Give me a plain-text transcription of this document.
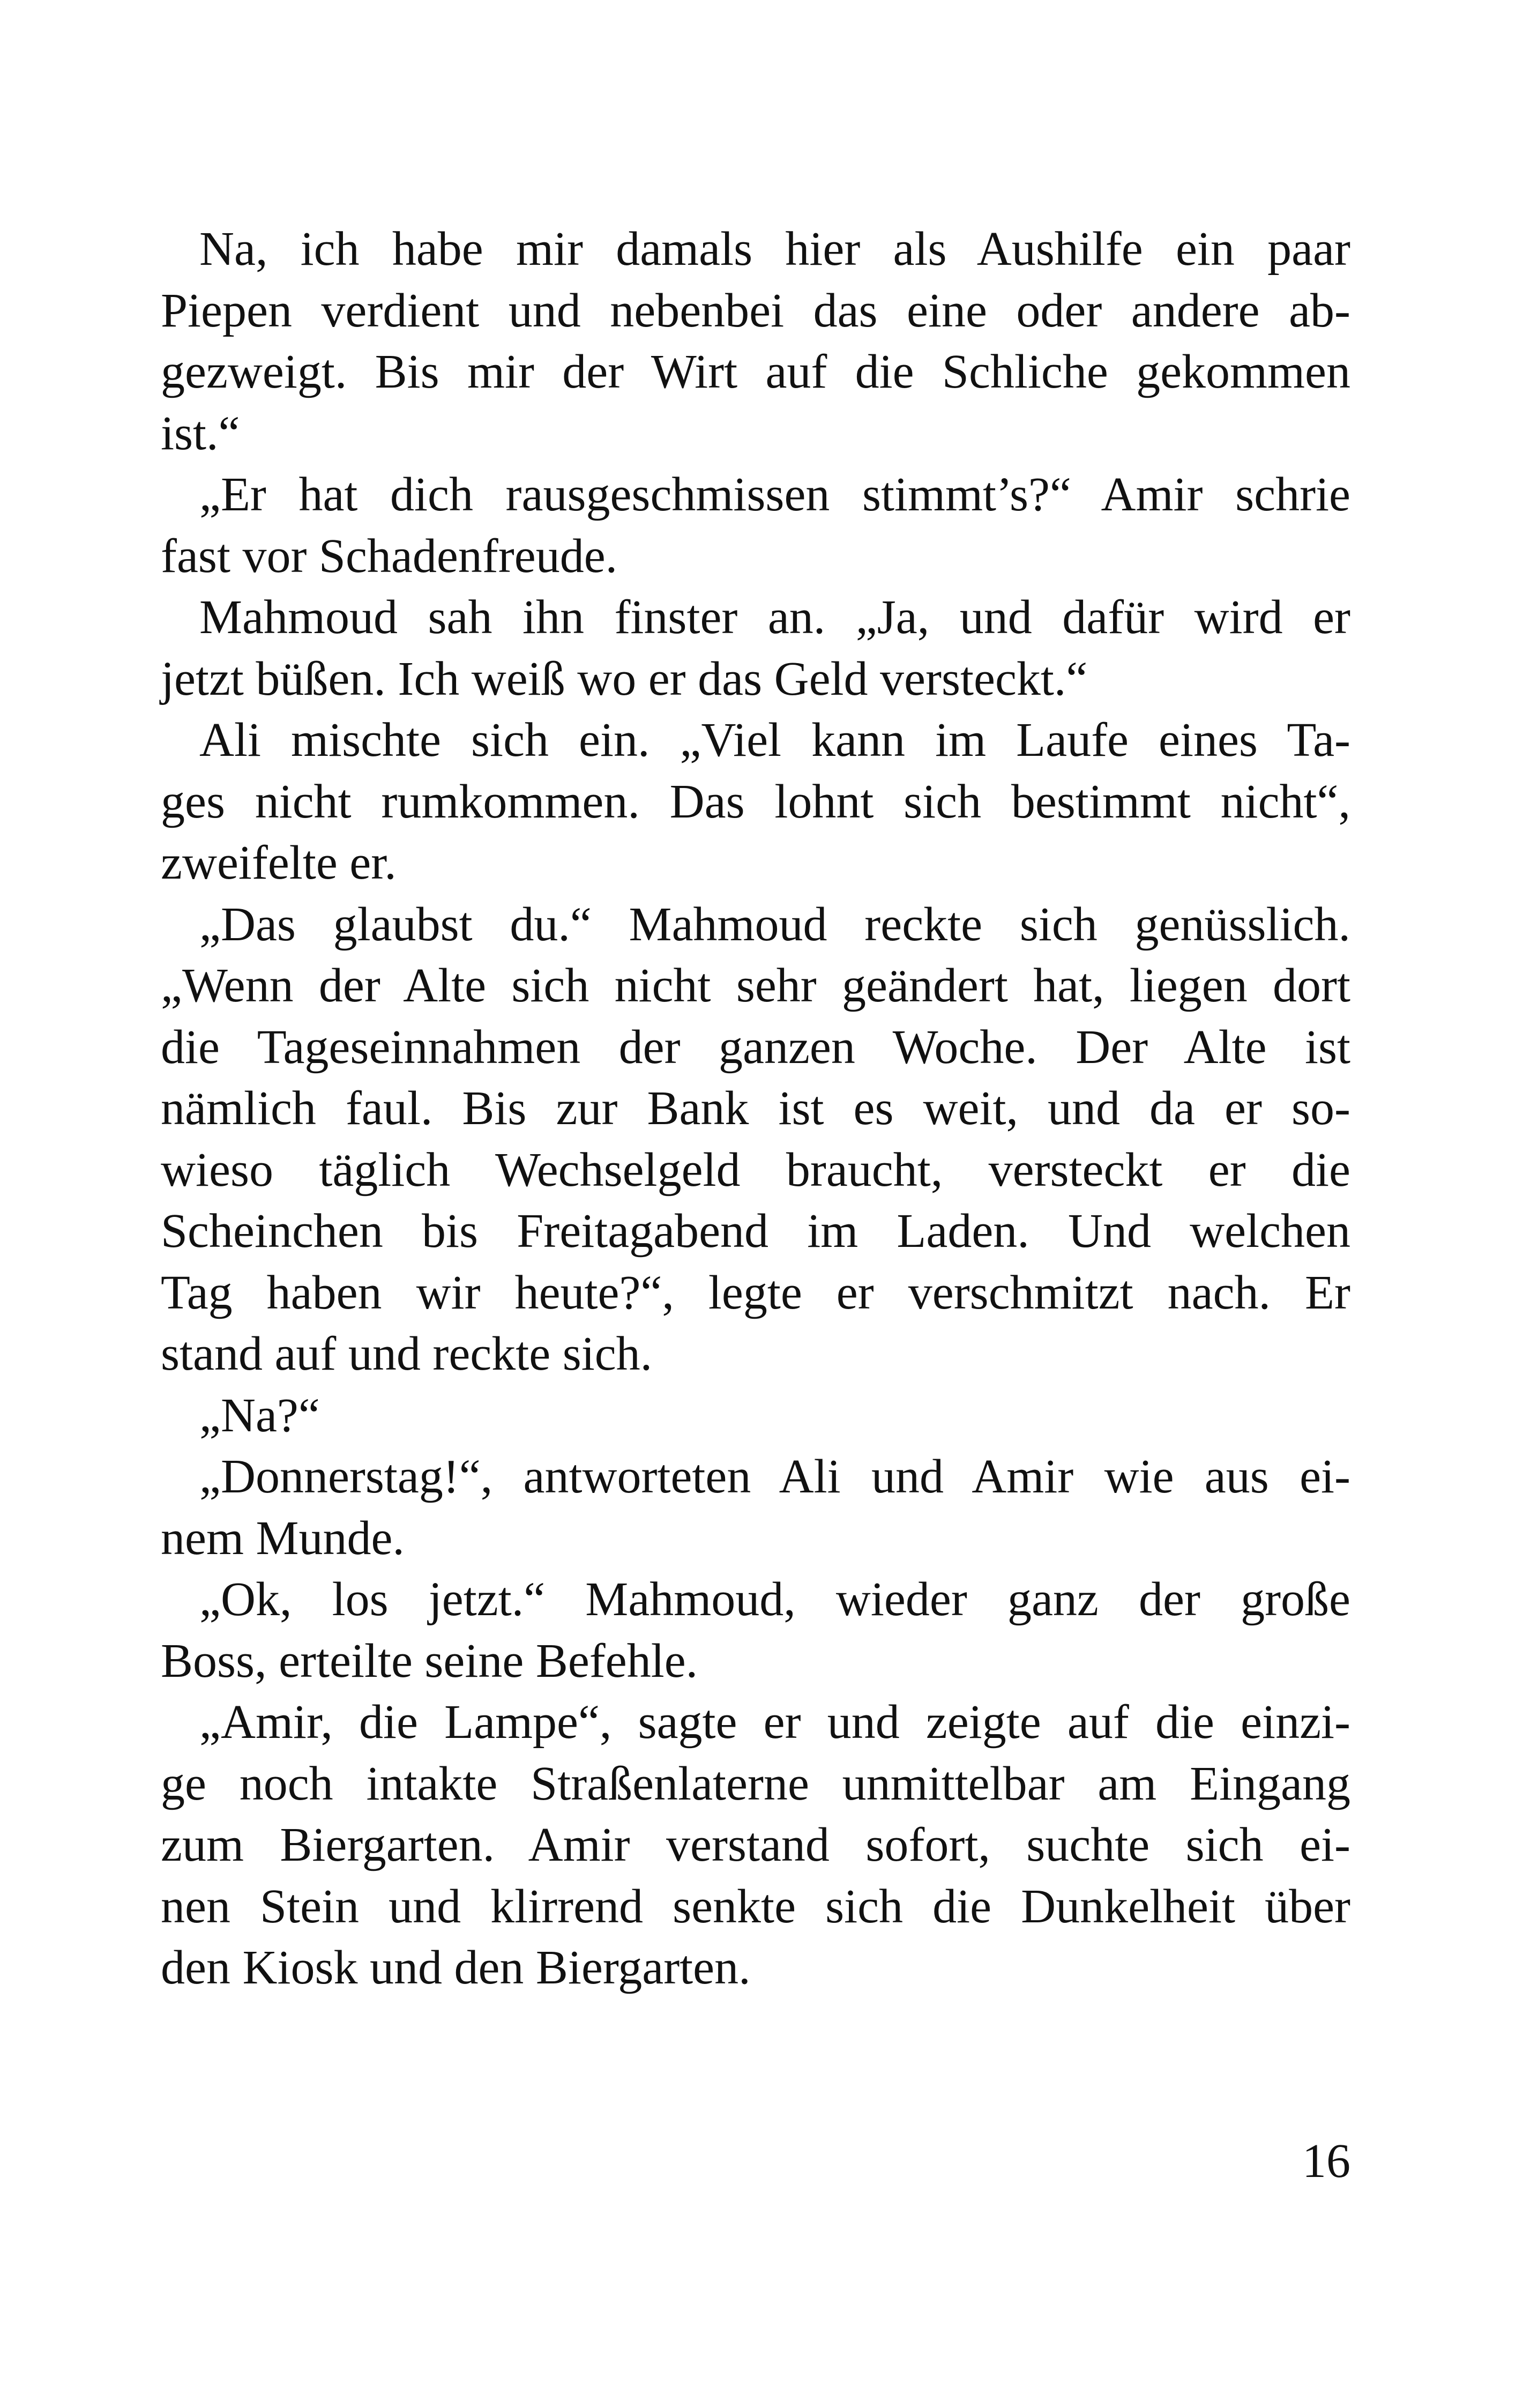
Na, ich habe mir damals hier als Aushilfe ein paar
Piepen verdient und nebenbei das eine oder andere ab-
gezweigt. Bis mir der Wirt auf die Schliche gekommen
ist.“

„Er hat dich rausgeschmissen stimmt’s?“ Amir schrie
fast vor Schadenfreude.

Mahmoud sah ihn finster an. „Ja, und dafür wird er
jetzt büßen. Ich weiß wo er das Geld versteckt.“

Ali mischte sich ein. „Viel kann im Laufe eines Ta-
ges nicht rumkommen. Das lohnt sich bestimmt nicht“,
zweifelte er.

„Das glaubst du.“ Mahmoud reckte sich genüsslich.
„Wenn der Alte sich nicht sehr geändert hat, liegen dort
die Tageseinnahmen der ganzen Woche. Der Alte ist
nämlich faul. Bis zur Bank ist es weit, und da er so-
wieso täglich Wechselgeld braucht, versteckt er die
Scheinchen bis Freitagabend im Laden. Und welchen
Tag haben wir heute?“, legte er verschmitzt nach. Er
stand auf und reckte sich.

„Na?“

„Donnerstag!“, antworteten Ali und Amir wie aus ei-
nem Munde.

„Ok, los jetzt.“ Mahmoud, wieder ganz der große
Boss, erteilte seine Befehle.

„Amir, die Lampe“, sagte er und zeigte auf die einzi-
ge noch intakte Straßenlaterne unmittelbar am Eingang
zum Biergarten. Amir verstand sofort, suchte sich ei-
nen Stein und klirrend senkte sich die Dunkelheit über
den Kiosk und den Biergarten.

16
